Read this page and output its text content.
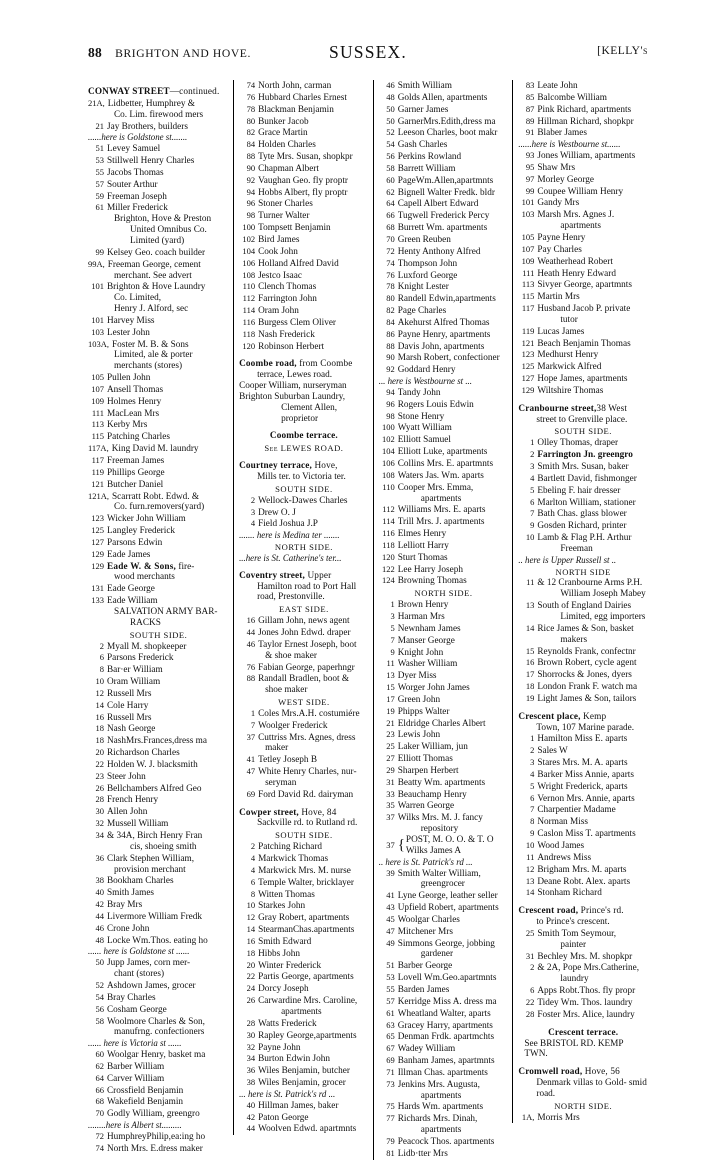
88 BRIGHTON AND HOVE.	SUSSEX.	[KELLY's
CONWAY STREET—continued.
21A, Lidbetter, Humphrey &
Co. Lim. firewood mers
21 Jay Brothers, builders
......here is Goldstone st.......
51 Levey Samuel
53 Stillwell Henry Charles
55 Jacobs Thomas
57 Souter Arthur
59 Freeman Joseph
61 Miller Frederick
Brighton, Hove & Preston
United Omnibus Co.
Limited (yard)
99 Kelsey Geo. coach builder
99A, Freeman George, cement
merchant. See advert
101 Brighton & Hove Laundry
Co. Limited,
Henry J. Alford, sec
101 Harvey Miss
103 Lester John
103A, Foster M. B. & Sons
Limited, ale & porter
merchants (stores)
105 Pullen John
107 Ansell Thomas
109 Holmes Henry
111 MacLean Mrs
113 Kerby Mrs
115 Patching Charles
117A, King David M. laundry
117 Freeman James
119 Phillips George
121 Butcher Daniel
121A, Scarratt Robt. Edwd. &
Co. furn.removers(yard)
123 Wicker John William
125 Langley Frederick
127 Parsons Edwin
129 Eade James
129 Eade W. & Sons, fire-
wood merchants
131 Eade George
133 Eade William
SALVATION ARMY BAR-
RACKS
SOUTH SIDE.
2 Myall M. shopkeeper
6 Parsons Frederick
8 Bar·er William
10 Oram William
12 Russell Mrs
14 Cole Harry
16 Russell Mrs
18 Nash George
18 NashMrs.Frances,dress ma
20 Richardson Charles
22 Holden W. J. blacksmith
23 Steer John
26 Bellchambers Alfred Geo
28 French Henry
30 Allen John
32 Mussell William
34 & 34A, Birch Henry Fran
cis, shoeing smith
36 Clark Stephen William,
provision merchant
38 Bookham Charles
40 Smith James
42 Bray Mrs
44 Livermore William Fredk
46 Crone John
48 Locke Wm.Thos. eating ho
...... here is Goldstone st ......
50 Jupp James, corn mer-
chant (stores)
52 Ashdown James, grocer
54 Bray Charles
56 Cosham George
58 Woolmore Charles & Son,
manufrng. confectioners
...... here is Victoria st ......
60 Woolgar Henry, basket ma
62 Barber William
64 Carver William
66 Crossfield Benjamin
68 Wakefield Benjamin
70 Godly William, greengro
........here is Albert st.........
72 HumphreyPhilip,ea:ing ho
74 North Mrs. E.dress maker
74 North John, carman
76 Hubbard Charles Ernest
78 Blackman Benjamin
80 Bunker Jacob
82 Grace Martin
84 Holden Charles
88 Tyte Mrs. Susan, shopkpr
90 Chapman Albert
92 Vaughan Geo. fly proptr
94 Hobbs Albert, fly proptr
96 Stoner Charles
98 Turner Walter
100 Tompsett Benjamin
102 Bird James
104 Cook John
106 Holland Alfred David
108 Jestco Isaac
110 Clench Thomas
112 Farrington John
114 Oram John
116 Burgess Clem Oliver
118 Nash Frederick
120 Robinson Herbert
Coombe road, from Coombe
terrace, Lewes road.
Cooper William, nurseryman
Brighton Suburban Laundry,
Clement Allen, proprietor
Coombe terrace.
See LEWES ROAD.
Courtney terrace, Hove,
Mills ter. to Victoria ter.
SOUTH SIDE.
2 Wellock-Dawes Charles
3 Drew O. J
4 Field Joshua J.P
....... here is Medina ter .......
NORTH SIDE.
...here is St. Catherine's ter...
Coventry street, Upper
Hamilton road to Port Hall road, Prestonville.
EAST SIDE.
16 Gillam John, news agent
44 Jones John Edwd. draper
46 Taylor Ernest Joseph, boot
& shoe maker
76 Fabian George, paperhngr
88 Randall Bradlen, boot &
shoe maker
WEST SIDE.
1 Coles Mrs.A.H. costumiére
7 Woolger Frederick
37 Cuttriss Mrs. Agnes, dress
maker
41 Tetley Joseph B
47 White Henry Charles, nur-
seryman
69 Ford David Rd. dairyman
Cowper street, Hove, 84
Sackville rd. to Rutland rd.
SOUTH SIDE.
2 Patching Richard
4 Markwick Thomas
4 Markwick Mrs. M. nurse
6 Temple Walter, bricklayer
8 Witten Thomas
10 Starkes John
12 Gray Robert, apartments
14 StearmanChas.apartments
16 Smith Edward
18 Hibbs John
20 Winter Frederick
22 Partis George, apartments
24 Dorcy Joseph
26 Carwardine Mrs. Caroline,
apartments
28 Watts Frederick
30 Rapley George,apartments
32 Payne John
34 Burton Edwin John
36 Wiles Benjamin, butcher
38 Wiles Benjamin, grocer
... here is St. Patrick's rd ...
40 Hillman James, baker
42 Paton George
44 Woolven Edwd. apartmnts
46 Smith William
48 Golds Allen, apartments
50 Garner James
50 GarnerMrs.Edith,dress ma
52 Leeson Charles, boot makr
54 Gash Charles
56 Perkins Rowland
58 Barrett William
60 PageWm.Allen,apartmnts
62 Bignell Walter Fredk. bldr
64 Capell Albert Edward
66 Tugwell Frederick Percy
68 Burrett Wm. apartments
70 Green Reuben
72 Henty Anthony Alfred
74 Thompson John
76 Luxford George
78 Knight Lester
80 Randell Edwin,apartments
82 Page Charles
84 Akehurst Alfred Thomas
86 Payne Henry, apartments
88 Davis John, apartments
90 Marsh Robert, confectioner
92 Goddard Henry
... here is Westbourne st ...
94 Tandy John
96 Rogers Louis Edwin
98 Stone Henry
100 Wyatt William
102 Elliott Samuel
104 Elliott Luke, apartments
106 Collins Mrs. E. apartmnts
108 Waters Jas. Wm. aparts
110 Cooper Mrs. Emma,
apartments
112 Williams Mrs. E. aparts
114 Trill Mrs. J. apartments
116 Elmes Henry
118 Lelliott Harry
120 Sturt Thomas
122 Lee Harry Joseph
124 Browning Thomas
NORTH SIDE.
1 Brown Henry
3 Harman Mrs
5 Newnham James
7 Manser George
9 Knight John
11 Washer William
13 Dyer Miss
15 Worger John James
17 Green John
19 Phipps Walter
21 Eldridge Charles Albert
23 Lewis John
25 Laker William, jun
27 Elliott Thomas
29 Sharpen Herbert
31 Beatty Wm. apartments
33 Beauchamp Henry
35 Warren George
37 Wilks Mrs. M. J. fancy
repository
37 { POST, M. O. O. & T. O
Wilks James A
.. here is St. Patrick's rd ...
39 Smith Walter William,
greengrocer
41 Lyne George, leather seller
43 Upfield Robert, apartments
45 Woolgar Charles
47 Mitchener Mrs
49 Simmons George, jobbing
gardener
51 Barber George
53 Lovell Wm.Geo.apartmnts
55 Barden James
57 Kerridge Miss A. dress ma
61 Wheatland Walter, aparts
63 Gracey Harry, apartments
65 Denman Frdk. apartmchts
67 Wadey William
69 Banham James, apartmnts
71 Illman Chas. apartments
73 Jenkins Mrs. Augusta,
apartments
75 Hards Wm. apartments
77 Richards Mrs. Dinah,
apartments
79 Peacock Thos. apartments
81 Lidb·tter Mrs
83 Leate John
85 Balcombe William
87 Pink Richard, apartments
89 Hillman Richard, shopkpr
91 Blaber James
......here is Westbourne st......
93 Jones William, apartments
95 Shaw Mrs
97 Morley George
99 Coupee William Henry
101 Gandy Mrs
103 Marsh Mrs. Agnes J.
apartments
105 Payne Henry
107 Pay Charles
109 Weatherhead Robert
111 Heath Henry Edward
113 Sivyer George, apartmnts
115 Martin Mrs
117 Husband Jacob P. private
tutor
119 Lucas James
121 Beach Benjamin Thomas
123 Medhurst Henry
125 Markwick Alfred
127 Hope James, apartments
129 Wiltshire Thomas
Cranbourne street,38 West
street to Grenville place.
SOUTH SIDE.
1 Olley Thomas, draper
2 Farrington Jn. greengro
3 Smith Mrs. Susan, baker
4 Bartlett David, fishmonger
5 Ebeling F. hair dresser
6 Marlton William, stationer
7 Bath Chas. glass blower
9 Gosden Richard, printer
10 Lamb & Flag P.H. Arthur
Freeman
.. here is Upper Russell st ..
NORTH SIDE
11 & 12 Cranbourne Arms P.H.
William Joseph Mabey
13 South of England Dairies
Limited, egg importers
14 Rice James & Son, basket
makers
15 Reynolds Frank, confectnr
16 Brown Robert, cycle agent
17 Shorrocks & Jones, dyers
18 London Frank F. watch ma
19 Light James & Son, tailors
Crescent place, Kemp
Town, 107 Marine parade.
1 Hamilton Miss E. aparts
2 Sales W
3 Stares Mrs. M. A. aparts
4 Barker Miss Annie, aparts
5 Wright Frederick, aparts
6 Vernon Mrs. Annie, aparts
7 Charpentier Madame
8 Norman Miss
9 Caslon Miss T. apartments
10 Wood James
11 Andrews Miss
12 Brigham Mrs. M. aparts
13 Deane Robt. Alex. aparts
14 Stonham Richard
Crescent road, Prince's rd.
to Prince's crescent.
25 Smith Tom Seymour,
painter
31 Bechley Mrs. M. shopkpr
2 & 2A, Pope Mrs.Catherine,
laundry
6 Apps Robt.Thos. fly propr
22 Tidey Wm. Thos. laundry
28 Foster Mrs. Alice, laundry
Crescent terrace.
See BRISTOL RD. KEMP TWN.
Cromwell road, Hove, 56
Denmark villas to Gold- smid road.
NORTH SIDE.
1A, Morris Mrs
